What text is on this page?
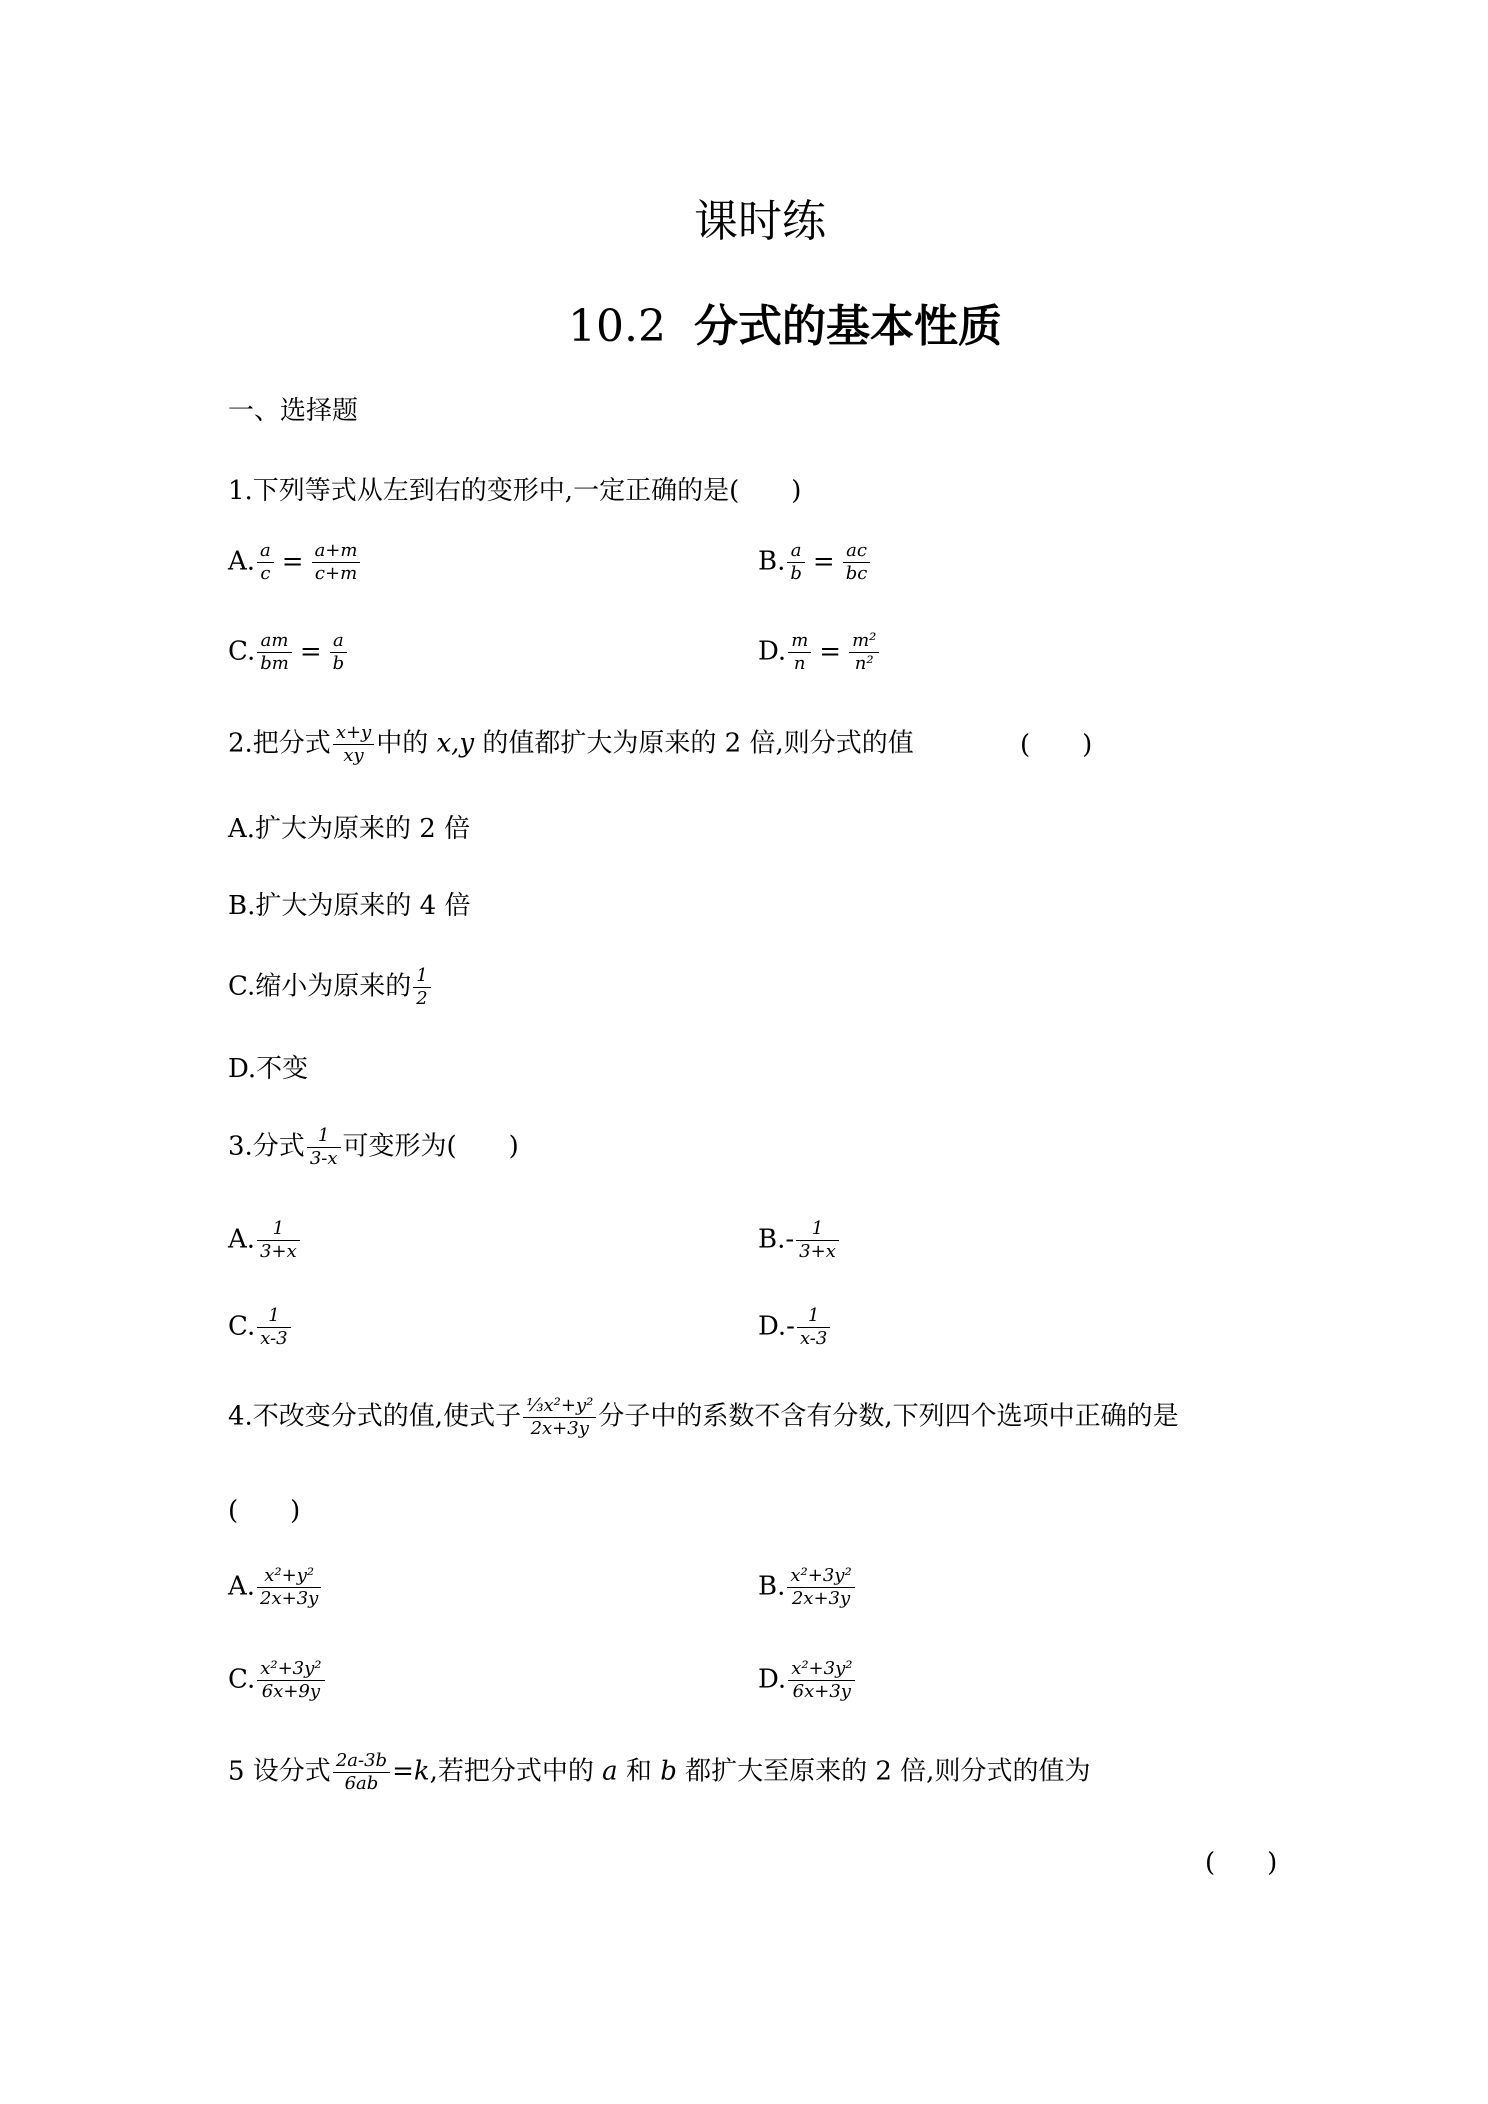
课时练
10.2 分式的基本性质
一、选择题
1.下列等式从左到右的变形中,一定正确的是(　　)
A. $\frac{a}{c} = \frac{a+m}{c+m}$	B. $\frac{a}{b} = \frac{ac}{bc}$
C. $\frac{am}{bm} = \frac{a}{b}$	D. $\frac{m}{n} = \frac{\text{m²}}{\text{n²}}$
2.把分式 $\frac{x+y}{xy}$ 中的 x,y 的值都扩大为原来的 2 倍,则分式的值	(　　)
A.扩大为原来的 2 倍
B.扩大为原来的 4 倍
C.缩小为原来的 $\frac{1}{2}$
D.不变
3.分式 $\frac{1}{3-x}$ 可变形为(　　)
A. $\frac{1}{3+x}$	$B.- \frac{1}{3+x}$
C. $\frac{1}{x-3}$	$D.- \frac{1}{x-3}$
4.不改变分式的值,使式子 $\frac{\text{⅓x²+y²}}{2x+3y}$ 分子中的系数不含有分数,下列四个选项中正确的是
(　　)
A. $\frac{\text{x²+y²}}{2x+3y}$	B. $\frac{\text{x²+3y²}}{2x+3y}$
C. $\frac{\text{x²+3y²}}{6x+9y}$	D. $\frac{\text{x²+3y²}}{6x+3y}$
5 设分式 $\frac{2a-3b}{6ab} =k$,若把分式中的 a 和 b 都扩大至原来的 2 倍,则分式的值为
(　　)
